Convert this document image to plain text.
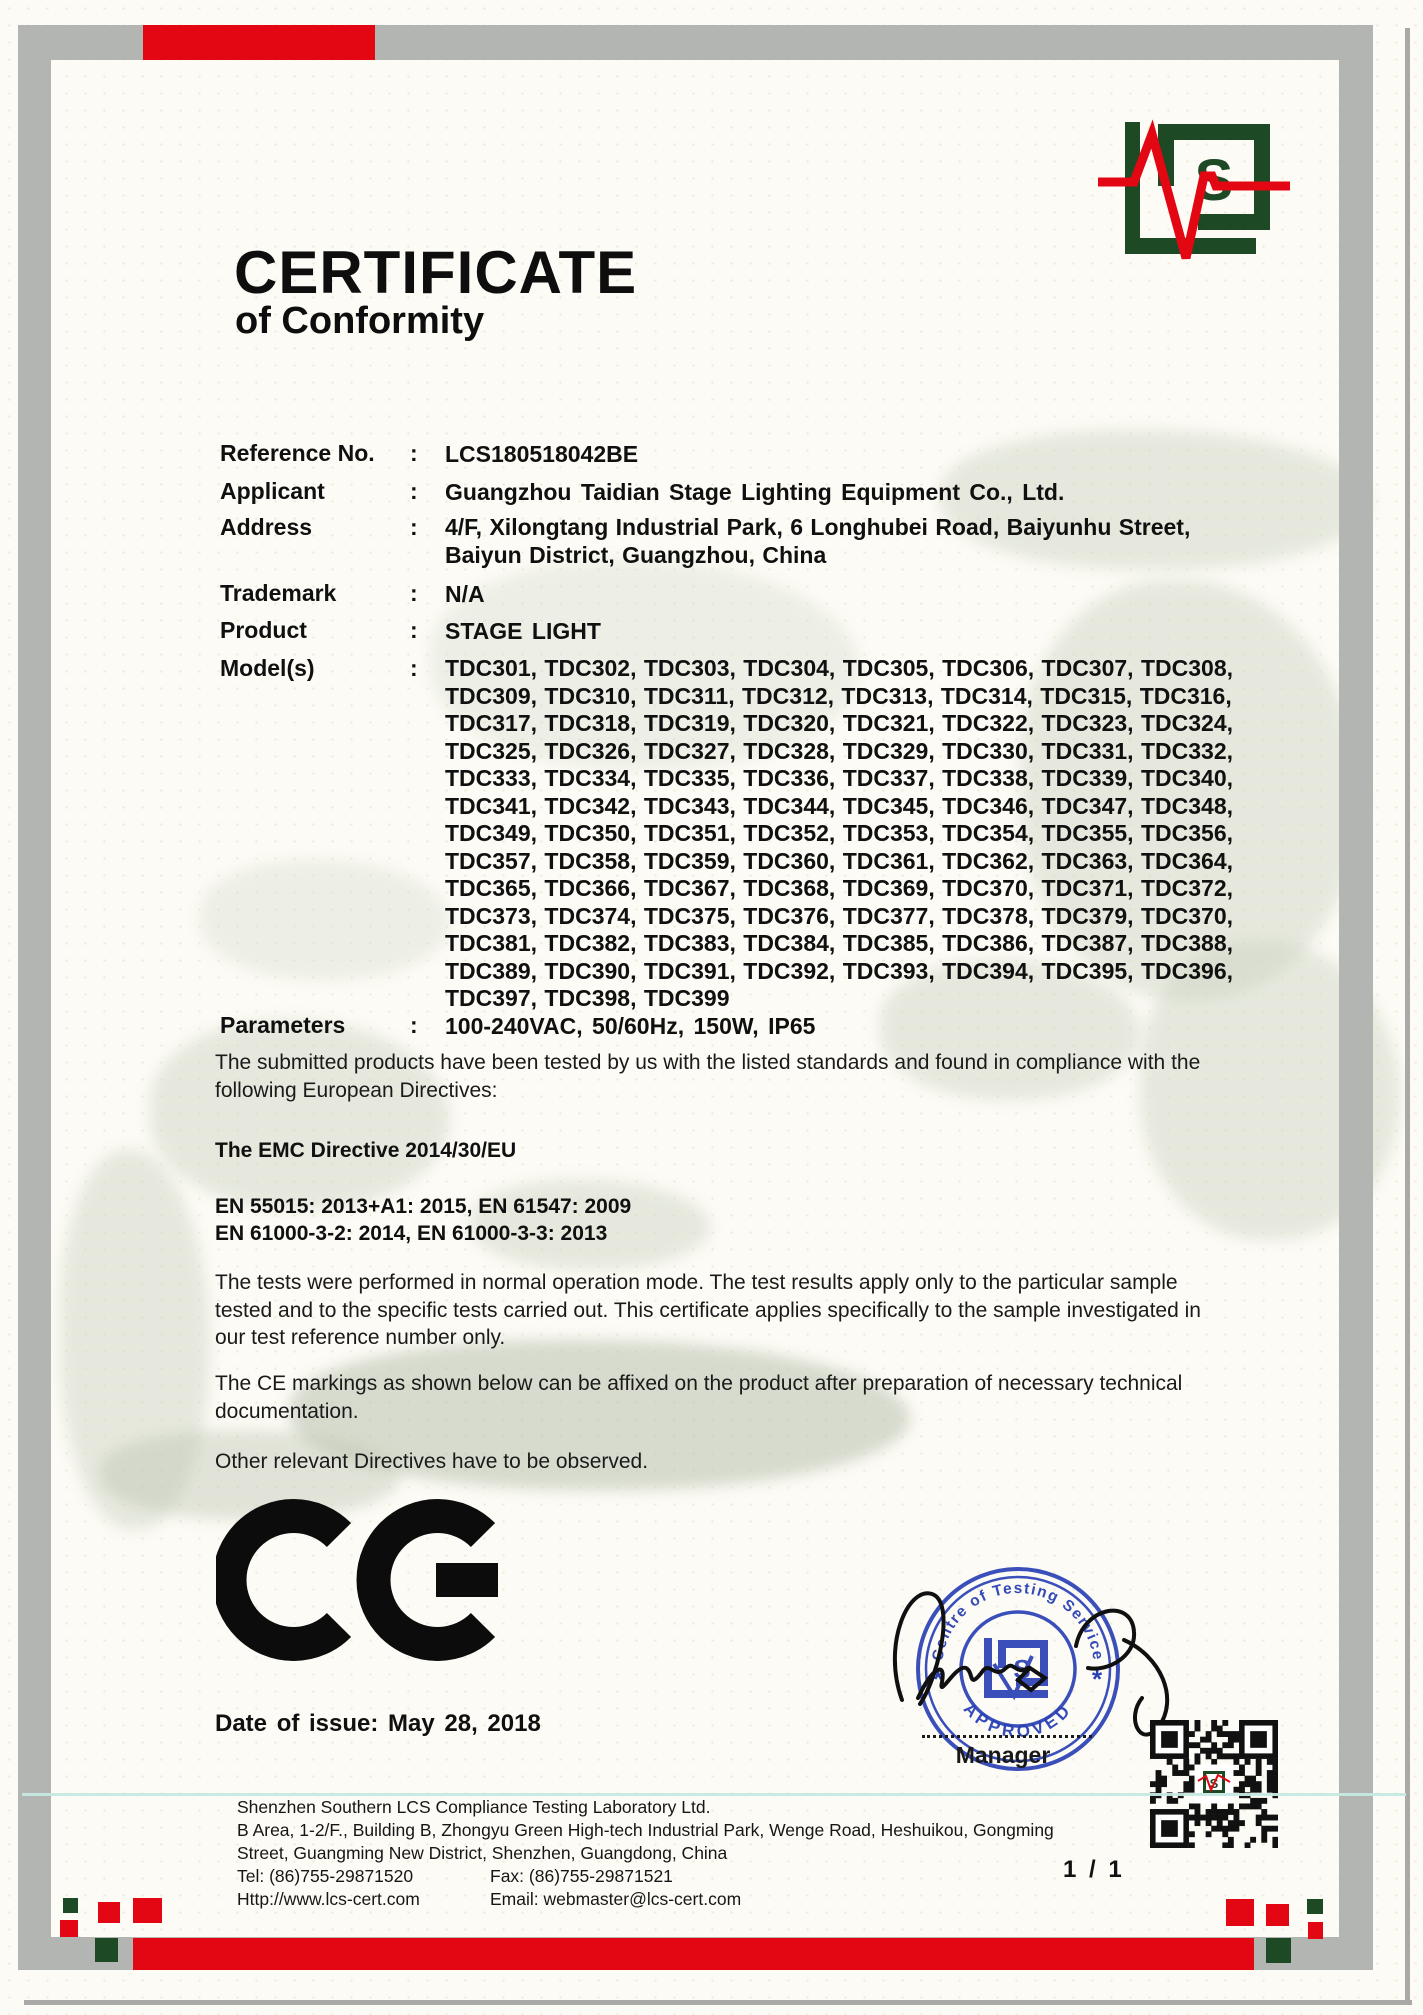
S
CERTIFICATE
of Conformity
Reference No. : LCS180518042BE
Applicant	: Guangzhou Taidian Stage Lighting Equipment Co., Ltd.
Address	: 4/F, Xilongtang Industrial Park, 6 Longhubei Road, Baiyunhu Street,
Baiyun District, Guangzhou, China
Trademark	: N/A
Product	: STAGE LIGHT
Model(s)	: TDC301, TDC302, TDC303, TDC304, TDC305, TDC306, TDC307, TDC308,
TDC309, TDC310, TDC311, TDC312, TDC313, TDC314, TDC315, TDC316,
TDC317, TDC318, TDC319, TDC320, TDC321, TDC322, TDC323, TDC324,
TDC325, TDC326, TDC327, TDC328, TDC329, TDC330, TDC331, TDC332,
TDC333, TDC334, TDC335, TDC336, TDC337, TDC338, TDC339, TDC340,
TDC341, TDC342, TDC343, TDC344, TDC345, TDC346, TDC347, TDC348,
TDC349, TDC350, TDC351, TDC352, TDC353, TDC354, TDC355, TDC356,
TDC357, TDC358, TDC359, TDC360, TDC361, TDC362, TDC363, TDC364,
TDC365, TDC366, TDC367, TDC368, TDC369, TDC370, TDC371, TDC372,
TDC373, TDC374, TDC375, TDC376, TDC377, TDC378, TDC379, TDC370,
TDC381, TDC382, TDC383, TDC384, TDC385, TDC386, TDC387, TDC388,
TDC389, TDC390, TDC391, TDC392, TDC393, TDC394, TDC395, TDC396,
TDC397, TDC398, TDC399
Parameters	: 100-240VAC, 50/60Hz, 150W, IP65
The submitted products have been tested by us with the listed standards and found in compliance with the following European Directives:
The EMC Directive 2014/30/EU
EN 55015: 2013+A1: 2015, EN 61547: 2009
EN 61000-3-2: 2014, EN 61000-3-3: 2013
The tests were performed in normal operation mode. The test results apply only to the particular sample tested and to the specific tests carried out. This certificate applies specifically to the sample investigated in our test reference number only.
The CE markings as shown below can be affixed on the product after preparation of necessary technical documentation.
Other relevant Directives have to be observed.
Date of issue: May 28, 2018
Centre of Testing Service
APPROVED
*	*
S
Manager
S
Shenzhen Southern LCS Compliance Testing Laboratory Ltd.
B Area, 1-2/F., Building B, Zhongyu Green High-tech Industrial Park, Wenge Road, Heshuikou, Gongming
Street, Guangming New District, Shenzhen, Guangdong, China
Tel: (86)755-29871520	Fax: (86)755-29871521
Http://www.lcs-cert.com	Email: webmaster@lcs-cert.com
1 / 1
